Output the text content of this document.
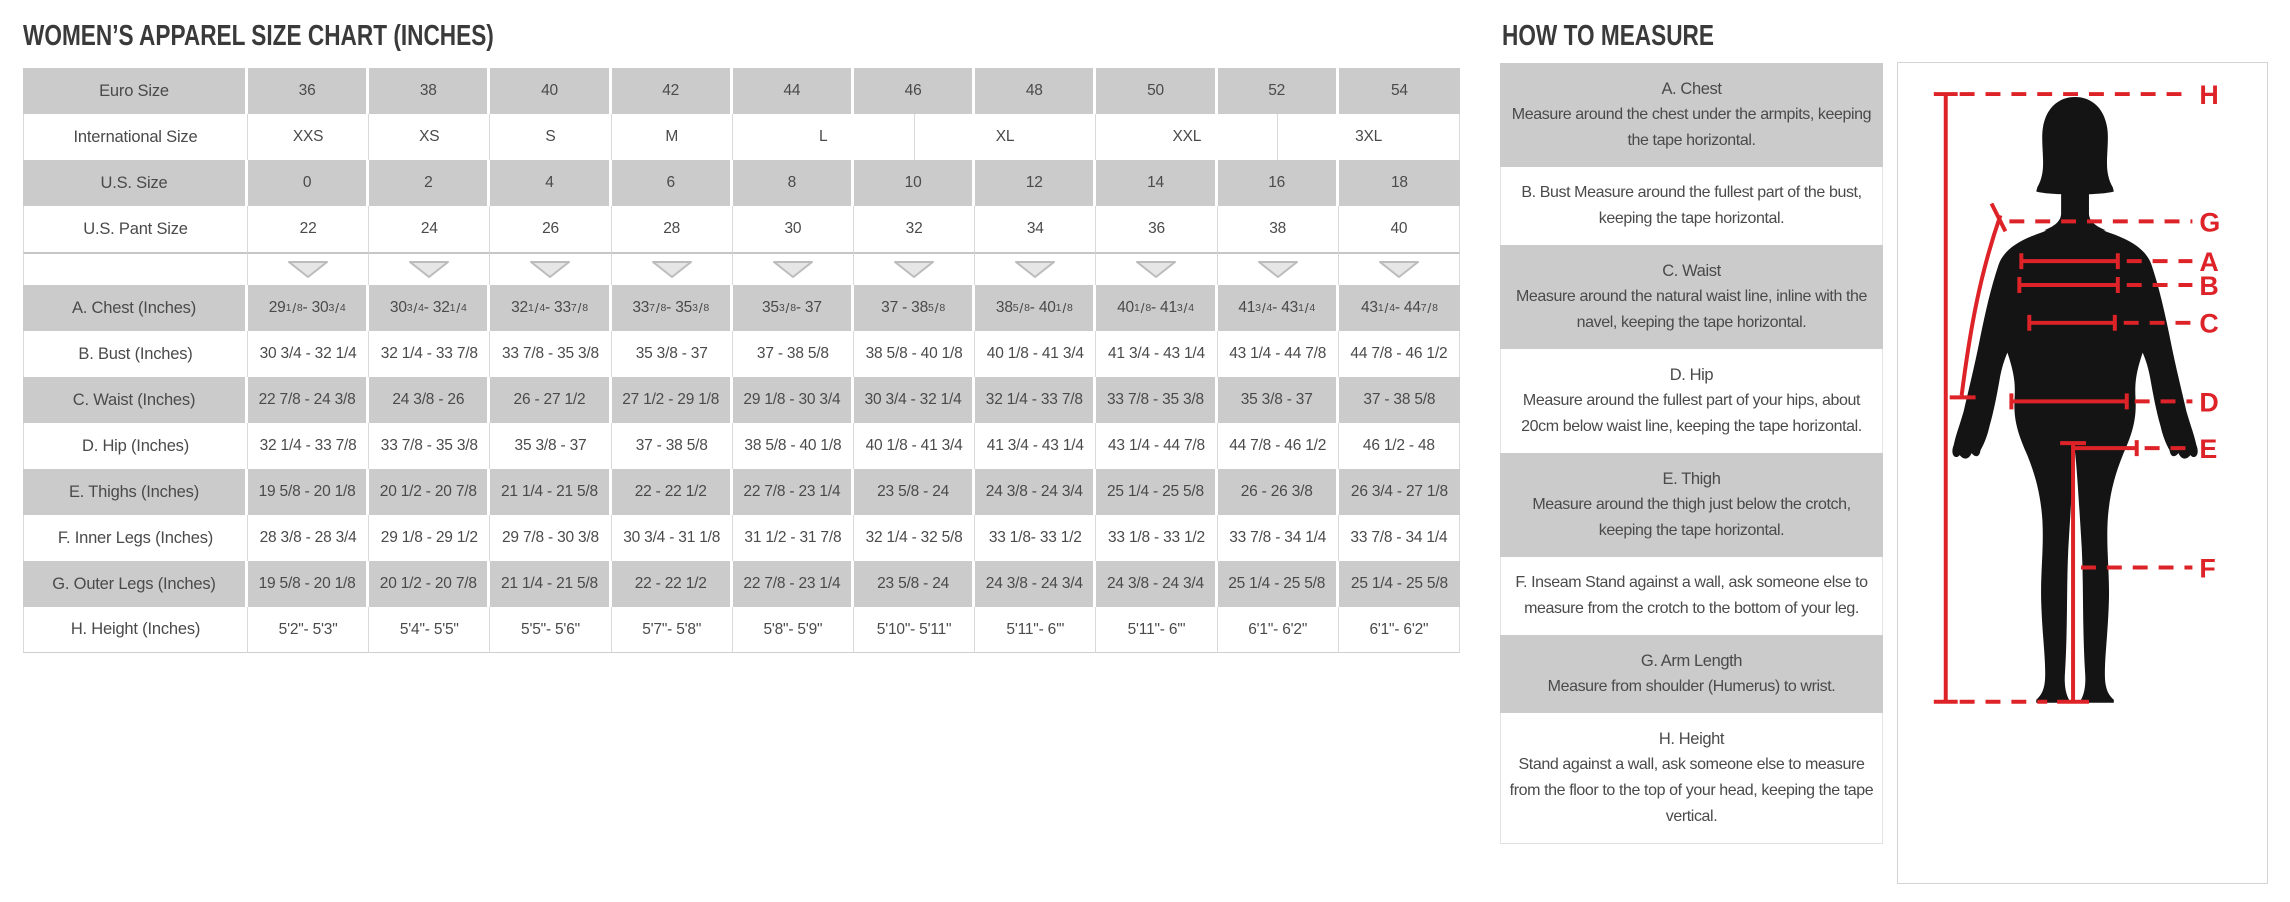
WOMEN’S APPAREL SIZE CHART (INCHES)
Euro Size	36	38	40	42	44	46	48	50	52	54
International Size	XXS	XS	S	M	L	XL	XXL	3XL
U.S. Size	0	2	4	6	8	10	12	14	16	18
U.S. Pant Size	22	24	26	28	30	32	34	36	38	40
A. Chest (Inches)	29 1 / 8 - 30 3 / 4	30 3 / 4 - 32 1 / 4	32 1 / 4 - 33 7 / 8	33 7 / 8 - 35 3 / 8	35 3 / 8 - 37	37 - 38 5 / 8	38 5 / 8 - 40 1 / 8	40 1 / 8 - 41 3 / 4	41 3 / 4 - 43 1 / 4	43 1 / 4 - 44 7 / 8
B. Bust (Inches)	30 3/4 - 32 1/4	32 1/4 - 33 7/8	33 7/8 - 35 3/8	35 3/8 - 37	37 - 38 5/8	38 5/8 - 40 1/8	40 1/8 - 41 3/4	41 3/4 - 43 1/4	43 1/4 - 44 7/8	44 7/8 - 46 1/2
C. Waist (Inches)	22 7/8 - 24 3/8	24 3/8 - 26	26 - 27 1/2	27 1/2 - 29 1/8	29 1/8 - 30 3/4	30 3/4 - 32 1/4	32 1/4 - 33 7/8	33 7/8 - 35 3/8	35 3/8 - 37	37 - 38 5/8
D. Hip (Inches)	32 1/4 - 33 7/8	33 7/8 - 35 3/8	35 3/8 - 37	37 - 38 5/8	38 5/8 - 40 1/8	40 1/8 - 41 3/4	41 3/4 - 43 1/4	43 1/4 - 44 7/8	44 7/8 - 46 1/2	46 1/2 - 48
E. Thighs (Inches)	19 5/8 - 20 1/8	20 1/2 - 20 7/8	21 1/4 - 21 5/8	22 - 22 1/2	22 7/8 - 23 1/4	23 5/8 - 24	24 3/8 - 24 3/4	25 1/4 - 25 5/8	26 - 26 3/8	26 3/4 - 27 1/8
F. Inner Legs (Inches)	28 3/8 - 28 3/4	29 1/8 - 29 1/2	29 7/8 - 30 3/8	30 3/4 - 31 1/8	31 1/2 - 31 7/8	32 1/4 - 32 5/8	33 1/8- 33 1/2	33 1/8 - 33 1/2	33 7/8 - 34 1/4	33 7/8 - 34 1/4
G. Outer Legs (Inches)	19 5/8 - 20 1/8	20 1/2 - 20 7/8	21 1/4 - 21 5/8	22 - 22 1/2	22 7/8 - 23 1/4	23 5/8 - 24	24 3/8 - 24 3/4	24 3/8 - 24 3/4	25 1/4 - 25 5/8	25 1/4 - 25 5/8
H. Height (Inches)	5'2"- 5'3"	5'4"- 5'5"	5'5"- 5'6"	5'7"- 5'8"	5'8"- 5'9"	5'10"- 5'11"	5'11"- 6'"	5'11"- 6'"	6'1"- 6'2"	6'1"- 6'2"
HOW TO MEASURE
A. Chest

Measure around the chest under the armpits, keeping the tape horizontal.

B. Bust Measure around the fullest part of the bust, keeping the tape horizontal.

C. Waist

Measure around the natural waist line, inline with the navel, keeping the tape horizontal.

D. Hip

Measure around the fullest part of your hips, about 20cm below waist line, keeping the tape horizontal.

E. Thigh

Measure around the thigh just below the crotch, keeping the tape horizontal.

F. Inseam Stand against a wall, ask someone else to measure from the crotch to the bottom of your leg.

G. Arm Length

Measure from shoulder (Humerus) to wrist.

H. Height

Stand against a wall, ask someone else to measure from the floor to the top of your head, keeping the tape vertical.

H
G
A
B
C
D
E
F
